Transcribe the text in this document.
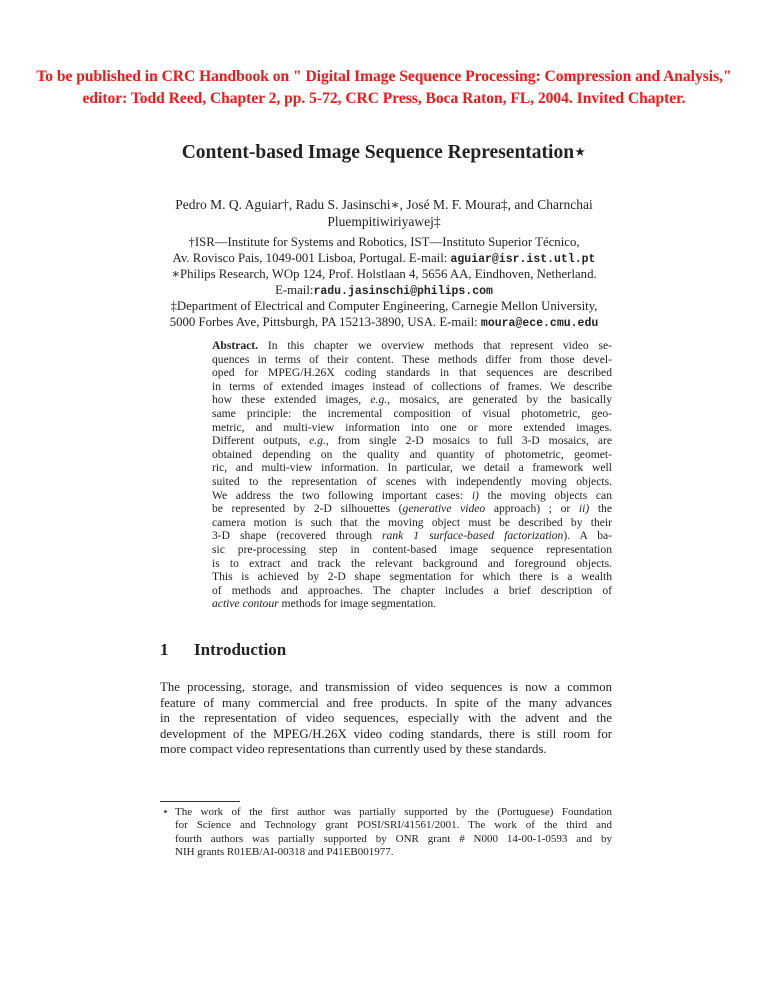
To be published in CRC Handbook on " Digital Image Sequence Processing: Compression and Analysis,"
editor: Todd Reed, Chapter 2, pp. 5-72, CRC Press, Boca Raton, FL, 2004. Invited Chapter.
Content-based Image Sequence Representation⋆
Pedro M. Q. Aguiar†, Radu S. Jasinschi∗, José M. F. Moura‡, and Charnchai
Pluempitiwiriyawej‡
†ISR—Institute for Systems and Robotics, IST—Instituto Superior Técnico,
Av. Rovisco Pais, 1049-001 Lisboa, Portugal. E-mail: aguiar@isr.ist.utl.pt
∗Philips Research, WOp 124, Prof. Holstlaan 4, 5656 AA, Eindhoven, Netherland.
E-mail:radu.jasinschi@philips.com
‡Department of Electrical and Computer Engineering, Carnegie Mellon University,
5000 Forbes Ave, Pittsburgh, PA 15213-3890, USA. E-mail: moura@ece.cmu.edu
Abstract. In this chapter we overview methods that represent video se-
quences in terms of their content. These methods differ from those devel-
oped for MPEG/H.26X coding standards in that sequences are described
in terms of extended images instead of collections of frames. We describe
how these extended images, e.g., mosaics, are generated by the basically
same principle: the incremental composition of visual photometric, geo-
metric, and multi-view information into one or more extended images.
Different outputs, e.g., from single 2-D mosaics to full 3-D mosaics, are
obtained depending on the quality and quantity of photometric, geomet-
ric, and multi-view information. In particular, we detail a framework well
suited to the representation of scenes with independently moving objects.
We address the two following important cases: i) the moving objects can
be represented by 2-D silhouettes (generative video approach) ; or ii) the
camera motion is such that the moving object must be described by their
3-D shape (recovered through rank 1 surface-based factorization). A ba-
sic pre-processing step in content-based image sequence representation
is to extract and track the relevant background and foreground objects.
This is achieved by 2-D shape segmentation for which there is a wealth
of methods and approaches. The chapter includes a brief description of
active contour methods for image segmentation.
1 Introduction
The processing, storage, and transmission of video sequences is now a common
feature of many commercial and free products. In spite of the many advances
in the representation of video sequences, especially with the advent and the
development of the MPEG/H.26X video coding standards, there is still room for
more compact video representations than currently used by these standards.
⋆ The work of the first author was partially supported by the (Portuguese) Foundation
for Science and Technology grant POSI/SRI/41561/2001. The work of the third and
fourth authors was partially supported by ONR grant # N000 14-00-1-0593 and by
NIH grants R01EB/AI-00318 and P41EB001977.
